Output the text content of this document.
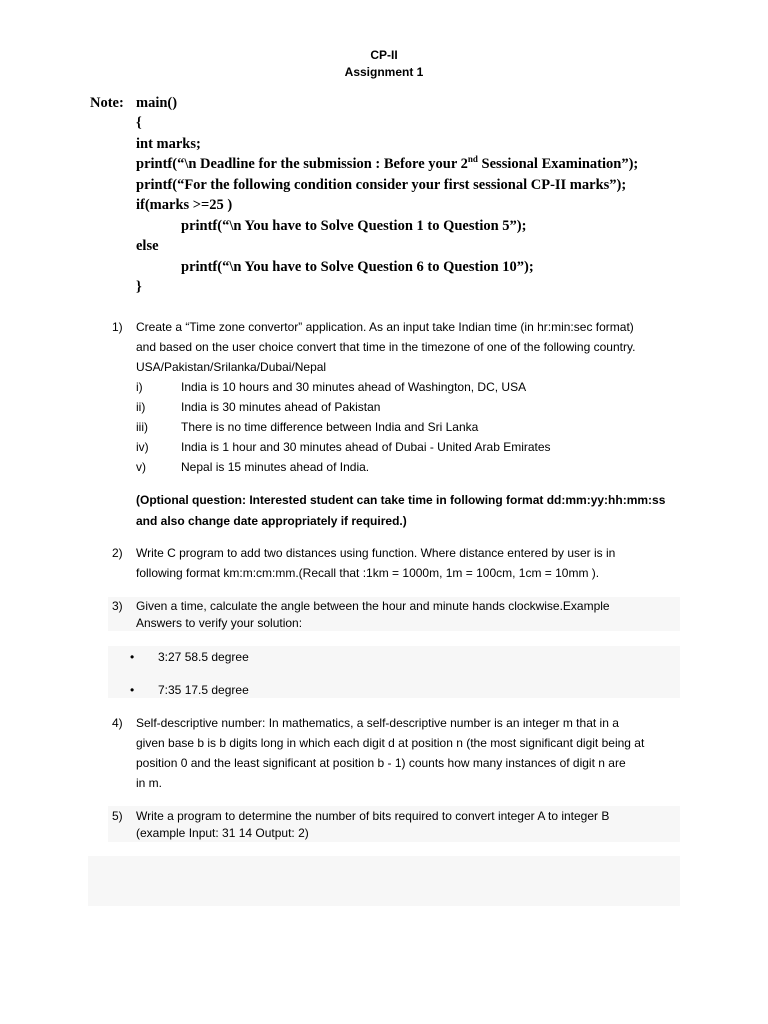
CP-II
Assignment 1
Note: main()
{
int marks;
printf(“\n Deadline for the submission : Before your 2nd Sessional Examination”);
printf(“For the following condition consider your first sessional CP-II marks”);
if(marks >=25 )
printf(“\n You have to Solve Question 1 to Question 5”);
else
printf(“\n You have to Solve Question 6 to Question 10”);
}
1) Create a “Time zone convertor” application. As an input take Indian time (in hr:min:sec format)
and based on the user choice convert that time in the timezone of one of the following country.
USA/Pakistan/Srilanka/Dubai/Nepal
i)	India is 10 hours and 30 minutes ahead of Washington, DC, USA
ii)	India is 30 minutes ahead of Pakistan
iii)	There is no time difference between India and Sri Lanka
iv)	India is 1 hour and 30 minutes ahead of Dubai - United Arab Emirates
v)	Nepal is 15 minutes ahead of India.
(Optional question: Interested student can take time in following format dd:mm:yy:hh:mm:ss
and also change date appropriately if required.)
2) Write C program to add two distances using function. Where distance entered by user is in
following format km:m:cm:mm.(Recall that :1km = 1000m, 1m = 100cm, 1cm = 10mm ).
3) Given a time, calculate the angle between the hour and minute hands clockwise.Example
Answers to verify your solution:
• 3:27 58.5 degree
• 7:35 17.5 degree
4) Self-descriptive number: In mathematics, a self-descriptive number is an integer m that in a
given base b is b digits long in which each digit d at position n (the most significant digit being at
position 0 and the least significant at position b - 1) counts how many instances of digit n are
in m.
5) Write a program to determine the number of bits required to convert integer A to integer B
(example Input: 31 14 Output: 2)
